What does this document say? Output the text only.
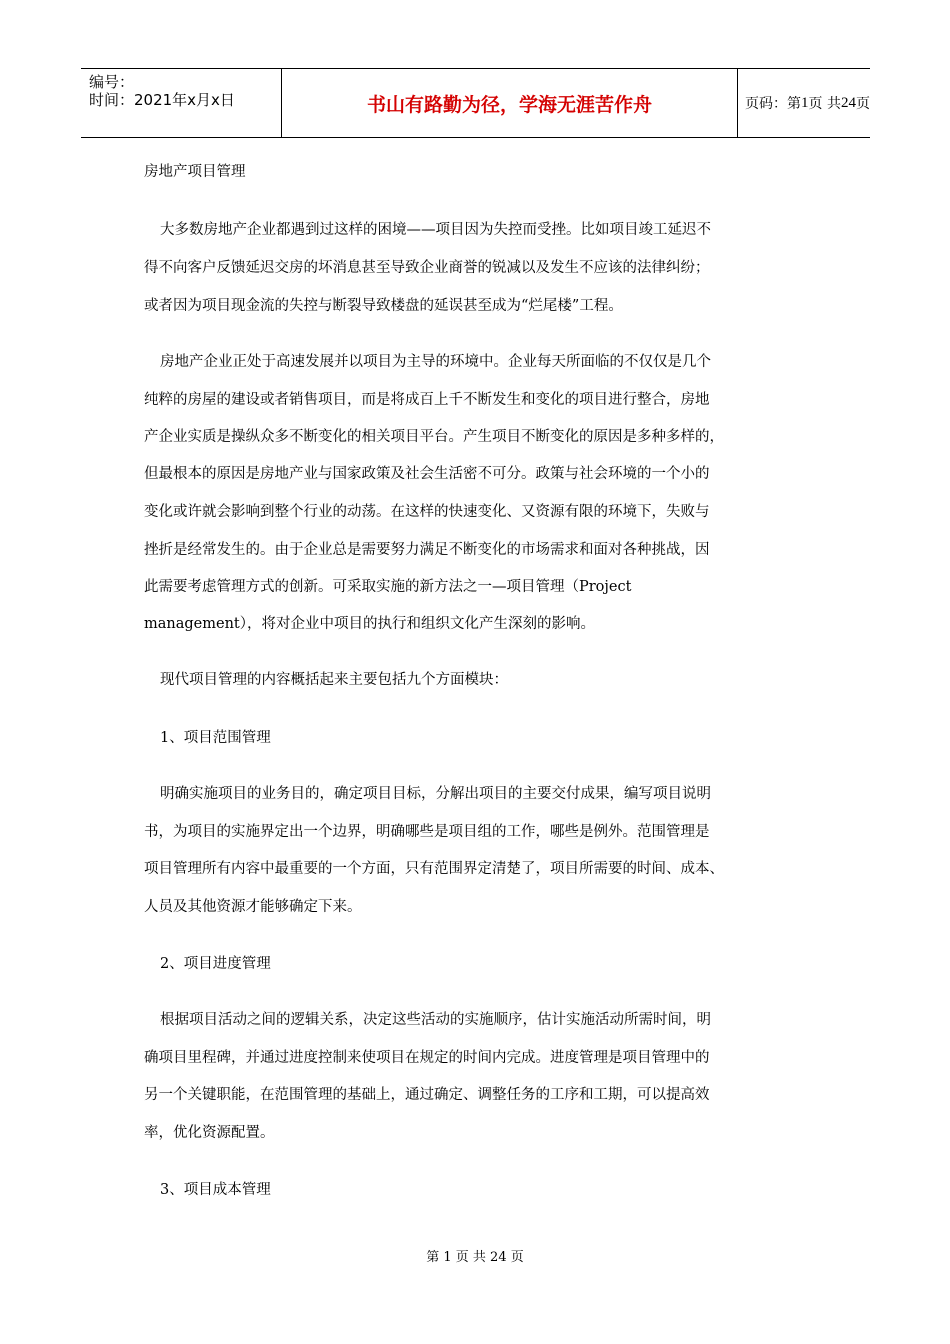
编号：
时间：2021年x月x日	书山有路勤为径，学海无涯苦作舟	页码：第 1 页 共 24 页
房地产项目管理
大多数房地产企业都遇到过这样的困境——项目因为失控而受挫。比如项目竣工延迟不
得不向客户反馈延迟交房的坏消息甚至导致企业商誉的锐减以及发生不应该的法律纠纷；
或者因为项目现金流的失控与断裂导致楼盘的延误甚至成为“烂尾楼”工程。
房地产企业正处于高速发展并以项目为主导的环境中。企业每天所面临的不仅仅是几个
纯粹的房屋的建设或者销售项目，而是将成百上千不断发生和变化的项目进行整合，房地
产企业实质是操纵众多不断变化的相关项目平台。产生项目不断变化的原因是多种多样的，
但最根本的原因是房地产业与国家政策及社会生活密不可分。政策与社会环境的一个小的
变化或许就会影响到整个行业的动荡。在这样的快速变化、又资源有限的环境下，失败与
挫折是经常发生的。由于企业总是需要努力满足不断变化的市场需求和面对各种挑战，因
此需要考虑管理方式的创新。可采取实施的新方法之一—项目管理（Project
management），将对企业中项目的执行和组织文化产生深刻的影响。
现代项目管理的内容概括起来主要包括九个方面模块：
1、项目范围管理
明确实施项目的业务目的，确定项目目标，分解出项目的主要交付成果，编写项目说明
书，为项目的实施界定出一个边界，明确哪些是项目组的工作，哪些是例外。范围管理是
项目管理所有内容中最重要的一个方面，只有范围界定清楚了，项目所需要的时间、成本、
人员及其他资源才能够确定下来。
2、项目进度管理
根据项目活动之间的逻辑关系，决定这些活动的实施顺序，估计实施活动所需时间，明
确项目里程碑，并通过进度控制来使项目在规定的时间内完成。进度管理是项目管理中的
另一个关键职能，在范围管理的基础上，通过确定、调整任务的工序和工期，可以提高效
率，优化资源配置。
3、项目成本管理
第 1 页 共 24 页
